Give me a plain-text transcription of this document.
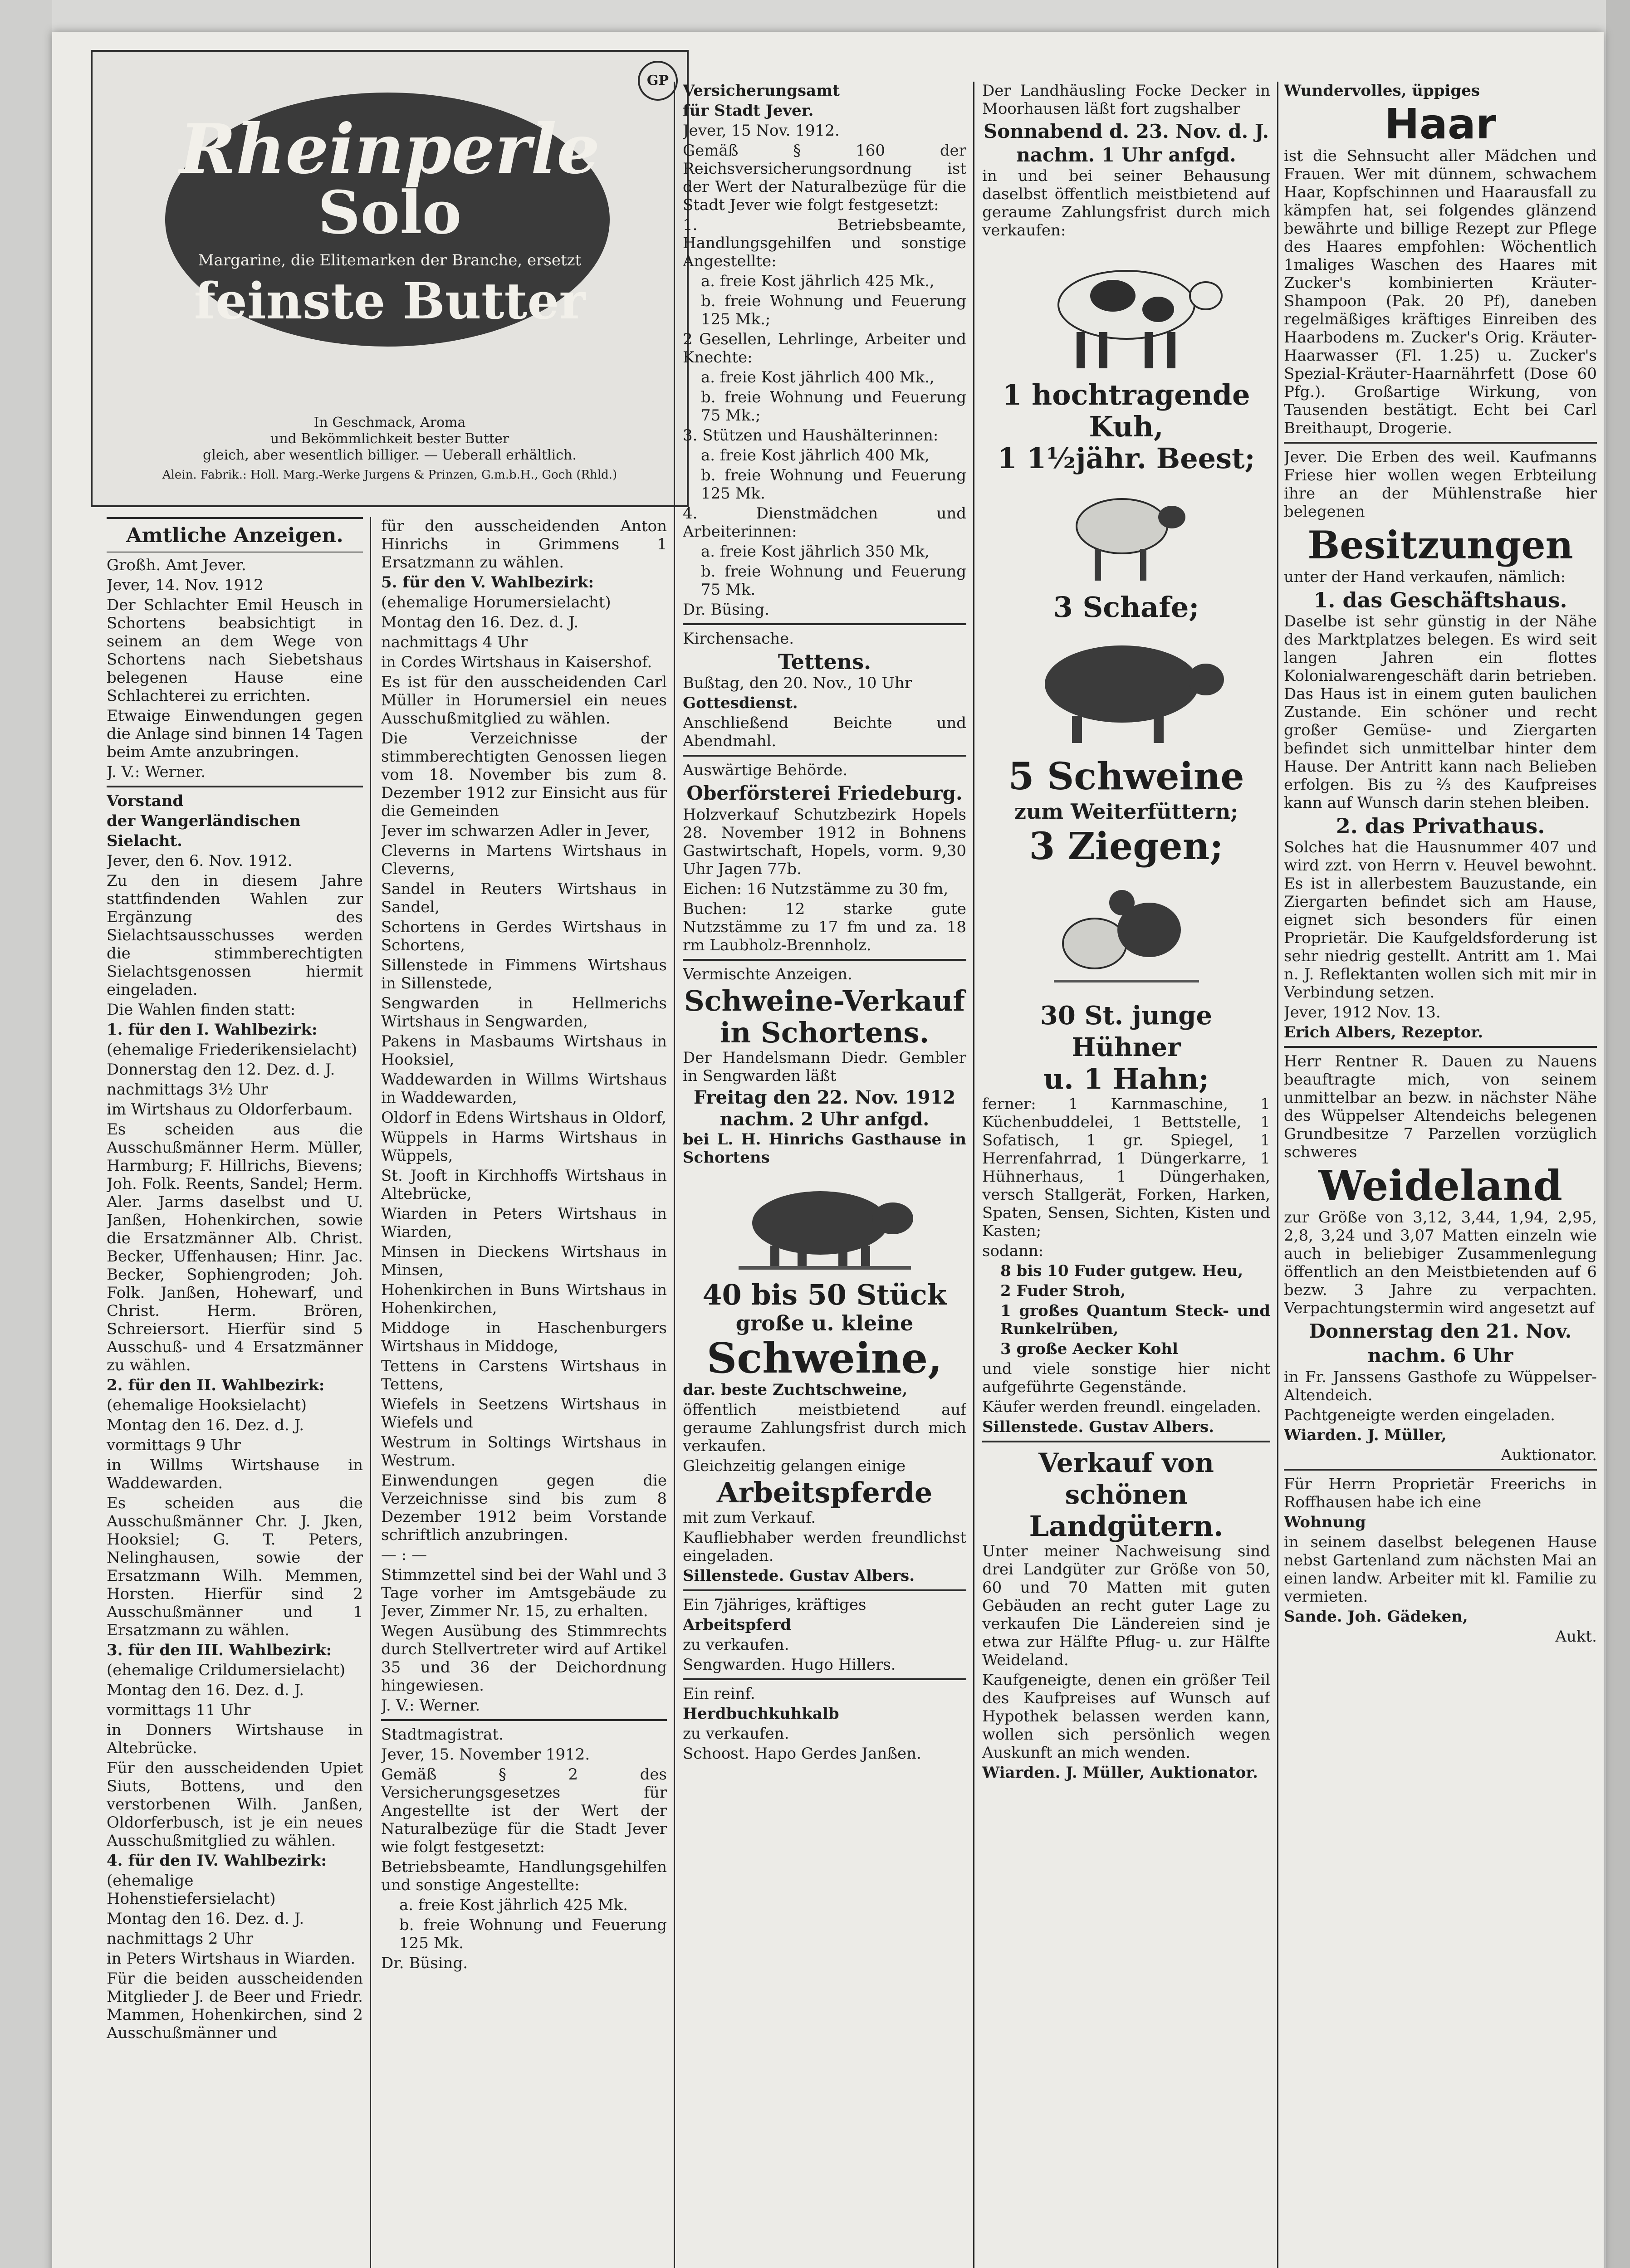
Rheinperle
Solo
Margarine, die Elitemarken der Branche, ersetzt
feinste Butter
In Geschmack, Aroma
und Bekömmlichkeit bester Butter
gleich, aber wesentlich billiger. — Ueberall erhältlich.
Alein. Fabrik.: Holl. Marg.-Werke Jurgens & Prinzen, G.m.b.H., Goch (Rhld.)
GP
Amtliche Anzeigen.

Großh. Amt Jever.

Jever, 14. Nov. 1912

Der Schlachter Emil Heusch in Schortens beabsichtigt in seinem an dem Wege von Schortens nach Siebetshaus belegenen Hause eine Schlachterei zu errichten.

Etwaige Einwendungen gegen die Anlage sind binnen 14 Tagen beim Amte anzubringen.

J. V.: Werner.

Vorstand

der Wangerländischen

Sielacht.

Jever, den 6. Nov. 1912.

Zu den in diesem Jahre stattfindenden Wahlen zur Ergänzung des Sielachtsausschusses werden die stimmberechtigten Sielachtsgenossen hiermit eingeladen.

Die Wahlen finden statt:

1. für den I. Wahlbezirk:

(ehemalige Friederikensielacht)

Donnerstag den 12. Dez. d. J.

nachmittags 3½ Uhr

im Wirtshaus zu Oldorferbaum.

Es scheiden aus die Ausschußmänner Herm. Müller, Harmburg; F. Hillrichs, Bievens; Joh. Folk. Reents, Sandel; Herm. Aler. Jarms daselbst und U. Janßen, Hohenkirchen, sowie die Ersatzmänner Alb. Christ. Becker, Uffenhausen; Hinr. Jac. Becker, Sophiengroden; Joh. Folk. Janßen, Hohewarf, und Christ. Herm. Brören, Schreiersort. Hierfür sind 5 Ausschuß- und 4 Ersatzmänner zu wählen.

2. für den II. Wahlbezirk:

(ehemalige Hooksielacht)

Montag den 16. Dez. d. J.

vormittags 9 Uhr

in Willms Wirtshause in Waddewarden.

Es scheiden aus die Ausschußmänner Chr. J. Jken, Hooksiel; G. T. Peters, Nelinghausen, sowie der Ersatzmann Wilh. Memmen, Horsten. Hierfür sind 2 Ausschußmänner und 1 Ersatzmann zu wählen.

3. für den III. Wahlbezirk:

(ehemalige Crildumersielacht)

Montag den 16. Dez. d. J.

vormittags 11 Uhr

in Donners Wirtshause in Altebrücke.

Für den ausscheidenden Upiet Siuts, Bottens, und den verstorbenen Wilh. Janßen, Oldorferbusch, ist je ein neues Ausschußmitglied zu wählen.

4. für den IV. Wahlbezirk:

(ehemalige Hohenstiefersielacht)

Montag den 16. Dez. d. J.

nachmittags 2 Uhr

in Peters Wirtshaus in Wiarden.

Für die beiden ausscheidenden Mitglieder J. de Beer und Friedr. Mammen, Hohenkirchen, sind 2 Ausschußmänner und

für den ausscheidenden Anton Hinrichs in Grimmens 1 Ersatzmann zu wählen.

5. für den V. Wahlbezirk:

(ehemalige Horumersielacht)

Montag den 16. Dez. d. J.

nachmittags 4 Uhr

in Cordes Wirtshaus in Kaisershof.

Es ist für den ausscheidenden Carl Müller in Horumersiel ein neues Ausschußmitglied zu wählen.

Die Verzeichnisse der stimmberechtigten Genossen liegen vom 18. November bis zum 8. Dezember 1912 zur Einsicht aus für die Gemeinden

Jever im schwarzen Adler in Jever,

Cleverns in Martens Wirtshaus in Cleverns,

Sandel in Reuters Wirtshaus in Sandel,

Schortens in Gerdes Wirtshaus in Schortens,

Sillenstede in Fimmens Wirtshaus in Sillenstede,

Sengwarden in Hellmerichs Wirtshaus in Sengwarden,

Pakens in Masbaums Wirtshaus in Hooksiel,

Waddewarden in Willms Wirtshaus in Waddewarden,

Oldorf in Edens Wirtshaus in Oldorf,

Wüppels in Harms Wirtshaus in Wüppels,

St. Jooft in Kirchhoffs Wirtshaus in Altebrücke,

Wiarden in Peters Wirtshaus in Wiarden,

Minsen in Dieckens Wirtshaus in Minsen,

Hohenkirchen in Buns Wirtshaus in Hohenkirchen,

Middoge in Haschenburgers Wirtshaus in Middoge,

Tettens in Carstens Wirtshaus in Tettens,

Wiefels in Seetzens Wirtshaus in Wiefels und

Westrum in Soltings Wirtshaus in Westrum.

Einwendungen gegen die Verzeichnisse sind bis zum 8 Dezember 1912 beim Vorstande schriftlich anzubringen.

— : —

Stimmzettel sind bei der Wahl und 3 Tage vorher im Amtsgebäude zu Jever, Zimmer Nr. 15, zu erhalten.

Wegen Ausübung des Stimmrechts durch Stellvertreter wird auf Artikel 35 und 36 der Deichordnung hingewiesen.

J. V.: Werner.

Stadtmagistrat.

Jever, 15. November 1912.

Gemäß § 2 des Versicherungsgesetzes für Angestellte ist der Wert der Naturalbezüge für die Stadt Jever wie folgt festgesetzt:

Betriebsbeamte, Handlungsgehilfen und sonstige Angestellte:

a. freie Kost jährlich 425 Mk.

b. freie Wohnung und Feuerung 125 Mk.

Dr. Büsing.

Versicherungsamt

für Stadt Jever.

Jever, 15 Nov. 1912.

Gemäß § 160 der Reichsversicherungsordnung ist der Wert der Naturalbezüge für die Stadt Jever wie folgt festgesetzt:

1. Betriebsbeamte, Handlungsgehilfen und sonstige Angestellte:

a. freie Kost jährlich 425 Mk.,

b. freie Wohnung und Feuerung 125 Mk.;

2 Gesellen, Lehrlinge, Arbeiter und Knechte:

a. freie Kost jährlich 400 Mk.,

b. freie Wohnung und Feuerung 75 Mk.;

3. Stützen und Haushälterinnen:

a. freie Kost jährlich 400 Mk,

b. freie Wohnung und Feuerung 125 Mk.

4. Dienstmädchen und Arbeiterinnen:

a. freie Kost jährlich 350 Mk,

b. freie Wohnung und Feuerung 75 Mk.

Dr. Büsing.

Kirchensache.

Tettens.

Bußtag, den 20. Nov., 10 Uhr

Gottesdienst.

Anschließend Beichte und Abendmahl.

Auswärtige Behörde.

Oberförsterei Friedeburg.

Holzverkauf Schutzbezirk Hopels 28. November 1912 in Bohnens Gastwirtschaft, Hopels, vorm. 9,30 Uhr Jagen 77b.

Eichen: 16 Nutzstämme zu 30 fm,

Buchen: 12 starke gute Nutzstämme zu 17 fm und za. 18 rm Laubholz-Brennholz.

Vermischte Anzeigen.

Schweine-Verkauf
in Schortens.

Der Handelsmann Diedr. Gembler in Sengwarden läßt

Freitag den 22. Nov. 1912
nachm. 2 Uhr anfgd.

bei L. H. Hinrichs Gasthause in Schortens

40 bis 50 Stück
große u. kleine
Schweine,

dar. beste Zuchtschweine,

öffentlich meistbietend auf geraume Zahlungsfrist durch mich verkaufen.

Gleichzeitig gelangen einige

Arbeitspferde

mit zum Verkauf.

Kaufliebhaber werden freundlichst eingeladen.

Sillenstede. Gustav Albers.

Ein 7jähriges, kräftiges

Arbeitspferd

zu verkaufen.

Sengwarden. Hugo Hillers.

Ein reinf.

Herdbuchkuhkalb

zu verkaufen.

Schoost. Hapo Gerdes Janßen.

Der Landhäusling Focke Decker in Moorhausen läßt fort zugshalber

Sonnabend d. 23. Nov. d. J.
nachm. 1 Uhr anfgd.

in und bei seiner Behausung daselbst öffentlich meistbietend auf geraume Zahlungsfrist durch mich verkaufen:

1 hochtragende Kuh,
1 1½jähr. Beest;
3 Schafe;
5 Schweine
zum Weiterfüttern;
3 Ziegen;
30 St. junge Hühner
u. 1 Hahn;

ferner: 1 Karnmaschine, 1 Küchenbuddelei, 1 Bettstelle, 1 Sofatisch, 1 gr. Spiegel, 1 Herrenfahrrad, 1 Düngerkarre, 1 Hühnerhaus, 1 Düngerhaken, versch Stallgerät, Forken, Harken, Spaten, Sensen, Sichten, Kisten und Kasten;

sodann:

8 bis 10 Fuder gutgew. Heu,

2 Fuder Stroh,

1 großes Quantum Steck- und Runkelrüben,

3 große Aecker Kohl

und viele sonstige hier nicht aufgeführte Gegenstände.

Käufer werden freundl. eingeladen.

Sillenstede. Gustav Albers.

Verkauf von schönen
Landgütern.

Unter meiner Nachweisung sind drei Landgüter zur Größe von 50, 60 und 70 Matten mit guten Gebäuden an recht guter Lage zu verkaufen Die Ländereien sind je etwa zur Hälfte Pflug- u. zur Hälfte Weideland.

Kaufgeneigte, denen ein größer Teil des Kaufpreises auf Wunsch auf Hypothek belassen werden kann, wollen sich persönlich wegen Auskunft an mich wenden.

Wiarden. J. Müller, Auktionator.

Wundervolles, üppiges

Haar

ist die Sehnsucht aller Mädchen und Frauen. Wer mit dünnem, schwachem Haar, Kopfschinnen und Haarausfall zu kämpfen hat, sei folgendes glänzend bewährte und billige Rezept zur Pflege des Haares empfohlen: Wöchentlich 1maliges Waschen des Haares mit Zucker's kombinierten Kräuter-Shampoon (Pak. 20 Pf), daneben regelmäßiges kräftiges Einreiben des Haarbodens m. Zucker's Orig. Kräuter-Haarwasser (Fl. 1.25) u. Zucker's Spezial-Kräuter-Haarnährfett (Dose 60 Pfg.). Großartige Wirkung, von Tausenden bestätigt. Echt bei Carl Breithaupt, Drogerie.

Jever. Die Erben des weil. Kaufmanns Friese hier wollen wegen Erbteilung ihre an der Mühlenstraße hier belegenen

Besitzungen

unter der Hand verkaufen, nämlich:

1. das Geschäftshaus.

Daselbe ist sehr günstig in der Nähe des Marktplatzes belegen. Es wird seit langen Jahren ein flottes Kolonialwarengeschäft darin betrieben. Das Haus ist in einem guten baulichen Zustande. Ein schöner und recht großer Gemüse- und Ziergarten befindet sich unmittelbar hinter dem Hause. Der Antritt kann nach Belieben erfolgen. Bis zu ⅔ des Kaufpreises kann auf Wunsch darin stehen bleiben.

2. das Privathaus.

Solches hat die Hausnummer 407 und wird zzt. von Herrn v. Heuvel bewohnt. Es ist in allerbestem Bauzustande, ein Ziergarten befindet sich am Hause, eignet sich besonders für einen Proprietär. Die Kaufgeldsforderung ist sehr niedrig gestellt. Antritt am 1. Mai n. J. Reflektanten wollen sich mit mir in Verbindung setzen.

Jever, 1912 Nov. 13.

Erich Albers, Rezeptor.

Herr Rentner R. Dauen zu Nauens beauftragte mich, von seinem unmittelbar an bezw. in nächster Nähe des Wüppelser Altendeichs belegenen Grundbesitze 7 Parzellen vorzüglich schweres

Weideland

zur Größe von 3,12, 3,44, 1,94, 2,95, 2,8, 3,24 und 3,07 Matten einzeln wie auch in beliebiger Zusammenlegung öffentlich an den Meistbietenden auf 6 bezw. 3 Jahre zu verpachten. Verpachtungstermin wird angesetzt auf

Donnerstag den 21. Nov.
nachm. 6 Uhr

in Fr. Janssens Gasthofe zu Wüppelser-Altendeich.

Pachtgeneigte werden eingeladen.

Wiarden. J. Müller,

Auktionator.

Für Herrn Proprietär Freerichs in Roffhausen habe ich eine

Wohnung

in seinem daselbst belegenen Hause nebst Gartenland zum nächsten Mai an einen landw. Arbeiter mit kl. Familie zu vermieten.

Sande. Joh. Gädeken,

Aukt.
